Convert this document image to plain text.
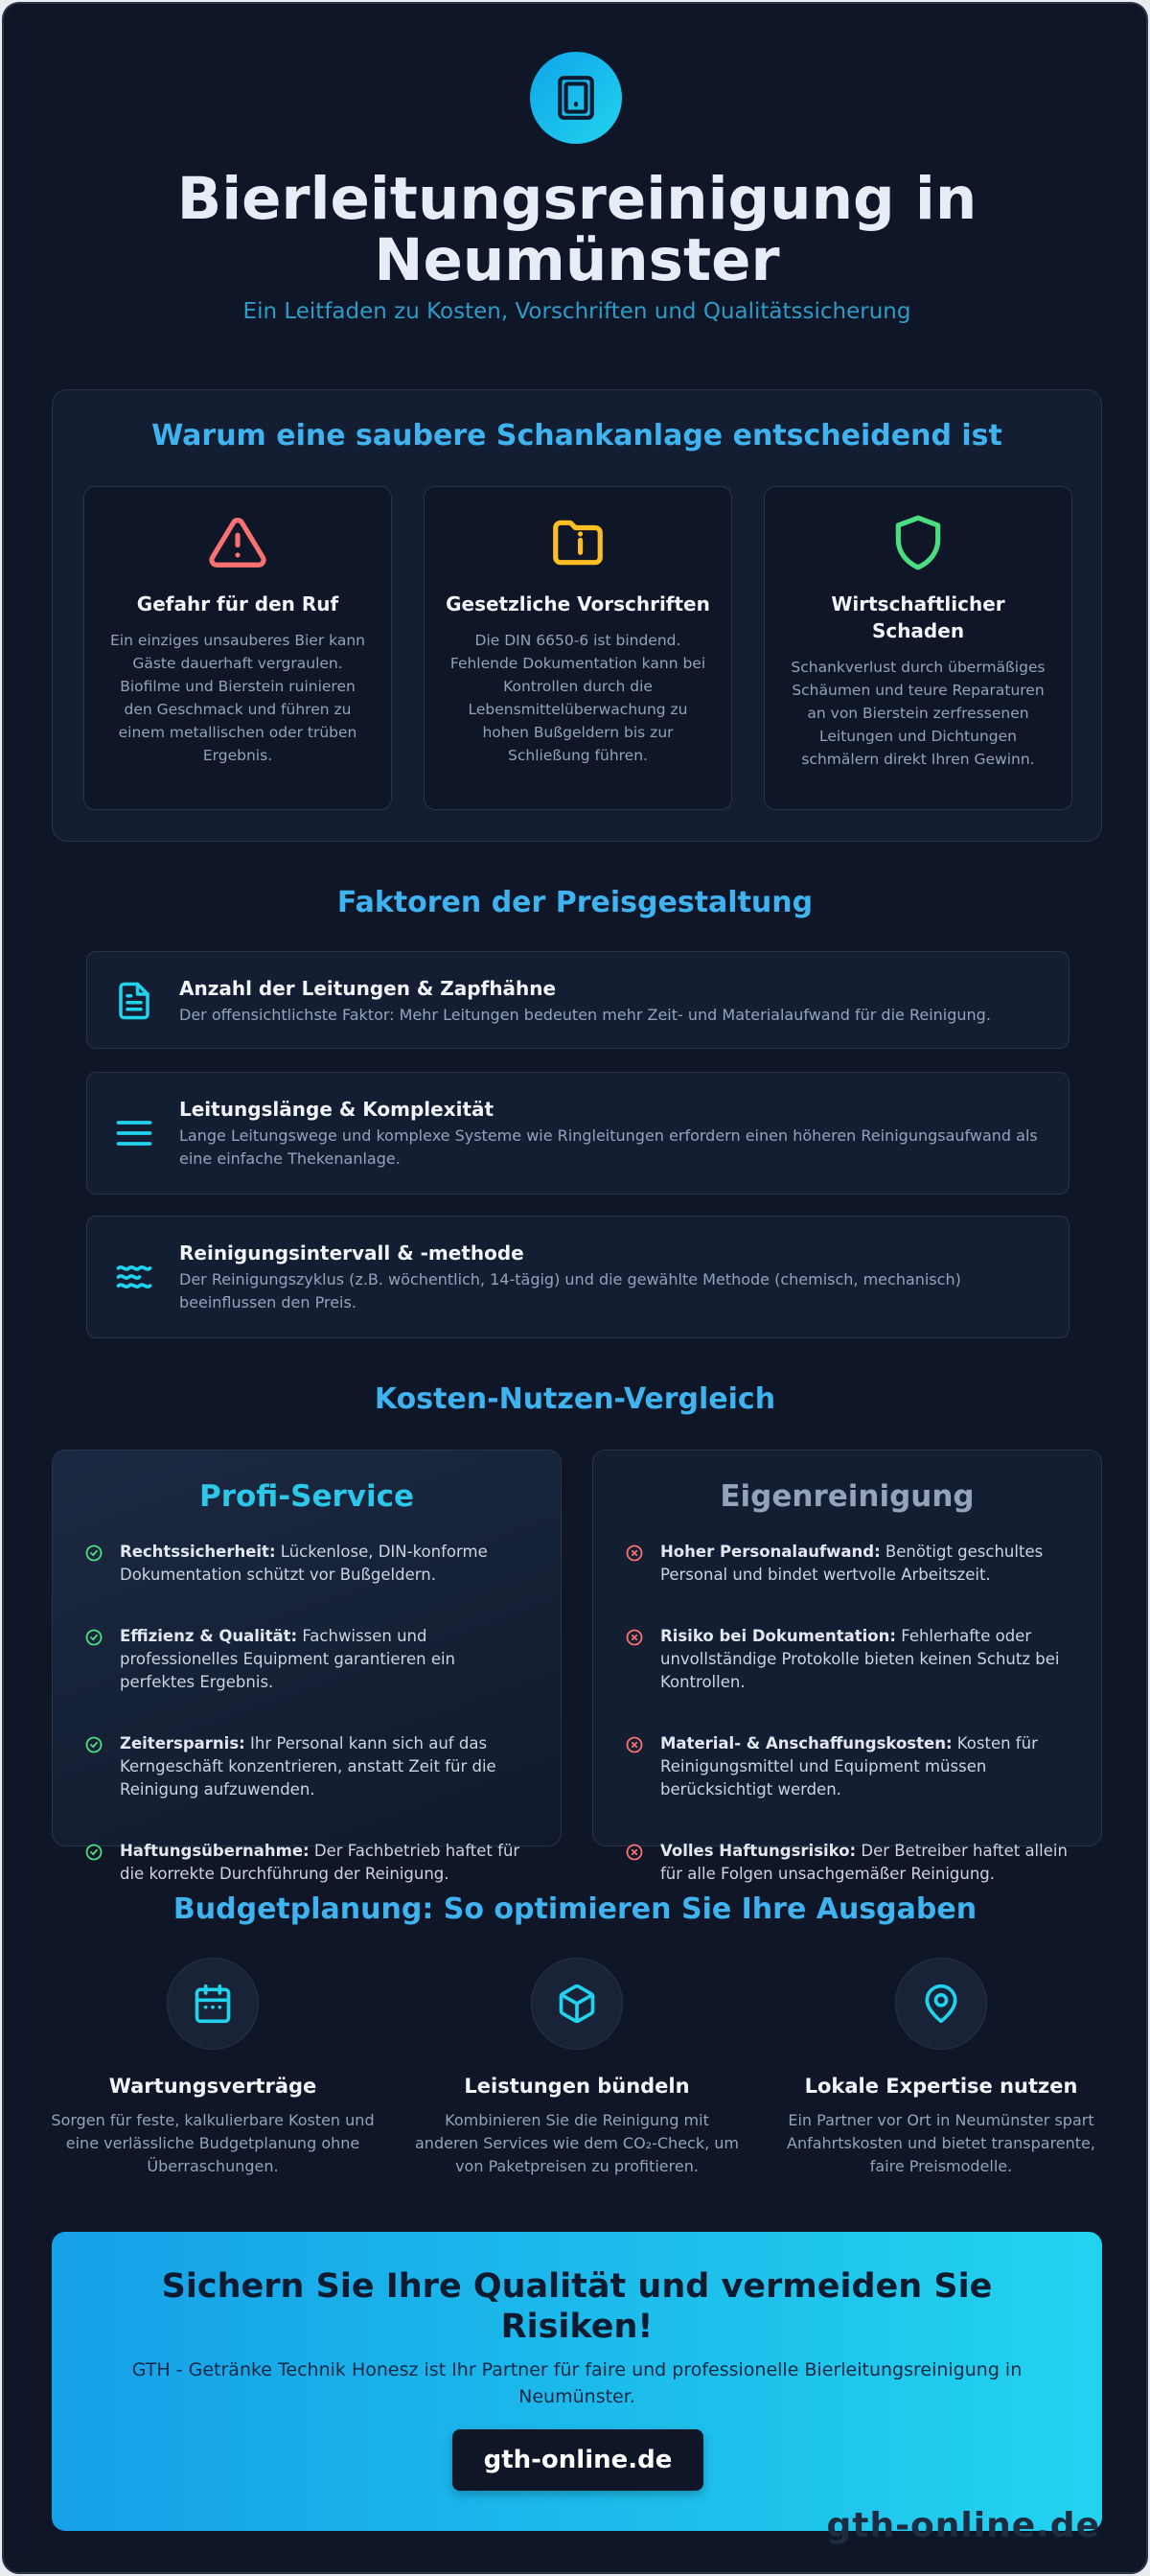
Bierleitungsreinigung in Neumünster
Ein Leitfaden zu Kosten, Vorschriften und Qualitätssicherung
Warum eine saubere Schankanlage entscheidend ist
Gefahr für den Ruf

Ein einziges unsauberes Bier kann Gäste dauerhaft vergraulen. Biofilme und Bierstein ruinieren den Geschmack und führen zu einem metallischen oder trüben Ergebnis.

Gesetzliche Vorschriften

Die DIN 6650-6 ist bindend. Fehlende Dokumentation kann bei Kontrollen durch die Lebensmittelüberwachung zu hohen Bußgeldern bis zur Schließung führen.

Wirtschaftlicher Schaden

Schankverlust durch übermäßiges Schäumen und teure Reparaturen an von Bierstein zerfressenen Leitungen und Dichtungen schmälern direkt Ihren Gewinn.

Faktoren der Preisgestaltung
Anzahl der Leitungen & Zapfhähne

Der offensichtlichste Faktor: Mehr Leitungen bedeuten mehr Zeit- und Materialaufwand für die Reinigung.

Leitungslänge & Komplexität

Lange Leitungswege und komplexe Systeme wie Ringleitungen erfordern einen höheren Reinigungsaufwand als eine einfache Thekenanlage.

Reinigungsintervall & -methode

Der Reinigungszyklus (z.B. wöchentlich, 14-tägig) und die gewählte Methode (chemisch, mechanisch) beeinflussen den Preis.

Kosten-Nutzen-Vergleich
Profi-Service
Rechtssicherheit: Lückenlose, DIN-konforme Dokumentation schützt vor Bußgeldern.
Effizienz & Qualität: Fachwissen und professionelles Equipment garantieren ein perfektes Ergebnis.
Zeitersparnis: Ihr Personal kann sich auf das Kerngeschäft konzentrieren, anstatt Zeit für die Reinigung aufzuwenden.
Haftungsübernahme: Der Fachbetrieb haftet für die korrekte Durchführung der Reinigung.
Eigenreinigung
Hoher Personalaufwand: Benötigt geschultes Personal und bindet wertvolle Arbeitszeit.
Risiko bei Dokumentation: Fehlerhafte oder unvollständige Protokolle bieten keinen Schutz bei Kontrollen.
Material- & Anschaffungskosten: Kosten für Reinigungsmittel und Equipment müssen berücksichtigt werden.
Volles Haftungsrisiko: Der Betreiber haftet allein für alle Folgen unsachgemäßer Reinigung.
Budgetplanung: So optimieren Sie Ihre Ausgaben
Wartungsverträge

Sorgen für feste, kalkulierbare Kosten und eine verlässliche Budgetplanung ohne Überraschungen.

Leistungen bündeln

Kombinieren Sie die Reinigung mit anderen Services wie dem CO₂-Check, um von Paketpreisen zu profitieren.

Lokale Expertise nutzen

Ein Partner vor Ort in Neumünster spart Anfahrtskosten und bietet transparente, faire Preismodelle.

Sichern Sie Ihre Qualität und vermeiden Sie Risiken!

GTH - Getränke Technik Honesz ist Ihr Partner für faire und professionelle Bierleitungsreinigung in Neumünster.

gth-online.de
gth-online.de
